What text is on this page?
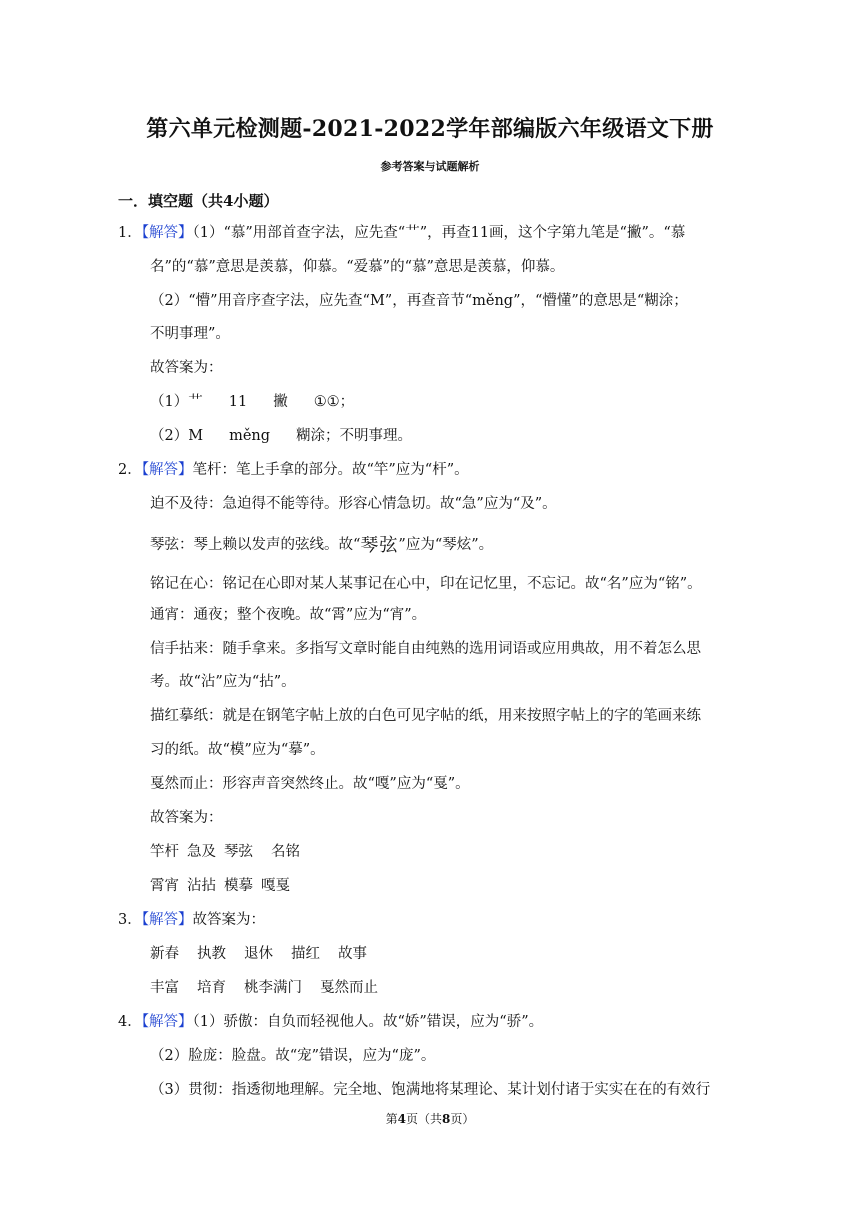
第六单元检测题-2021-2022学年部编版六年级语文下册
参考答案与试题解析
一．填空题（共4小题）
1．【解答】（1）“慕”用部首查字法，应先查“艹”，再查11画，这个字第九笔是“撇”。“慕
名”的“慕”意思是羡慕，仰慕。“爱慕”的“慕”意思是羡慕，仰慕。
（2）“懵”用音序查字法，应先查“M”，再查音节“měng”，“懵懂”的意思是“糊涂；
不明事理”。
故答案为：
（1）艹 11 撇 ①①；
（2）M měng 糊涂；不明事理。
2．【解答】笔杆：笔上手拿的部分。故“竿”应为“杆”。
迫不及待：急迫得不能等待。形容心情急切。故“急”应为“及”。
琴弦：琴上赖以发声的弦线。故“琴弦”应为“琴炫”。
铭记在心：铭记在心即对某人某事记在心中，印在记忆里，不忘记。故“名”应为“铭”。
通宵：通夜；整个夜晚。故“霄”应为“宵”。
信手拈来：随手拿来。多指写文章时能自由纯熟的选用词语或应用典故，用不着怎么思
考。故“沾”应为“拈”。
描红摹纸：就是在钢笔字帖上放的白色可见字帖的纸，用来按照字帖上的字的笔画来练
习的纸。故“模”应为“摹”。
戛然而止：形容声音突然终止。故“嘎”应为“戛”。
故答案为：
竿杆 急及 琴弦 名铭
霄宵 沾拈 模摹 嘎戛
3．【解答】故答案为：
新春 执教 退休 描红 故事
丰富 培育 桃李满门 戛然而止
4．【解答】（1）骄傲：自负而轻视他人。故“娇”错误，应为“骄”。
（2）脸庞：脸盘。故“宠”错误，应为“庞”。
（3）贯彻：指透彻地理解。完全地、饱满地将某理论、某计划付诸于实实在在的有效行
第4页（共8页）
